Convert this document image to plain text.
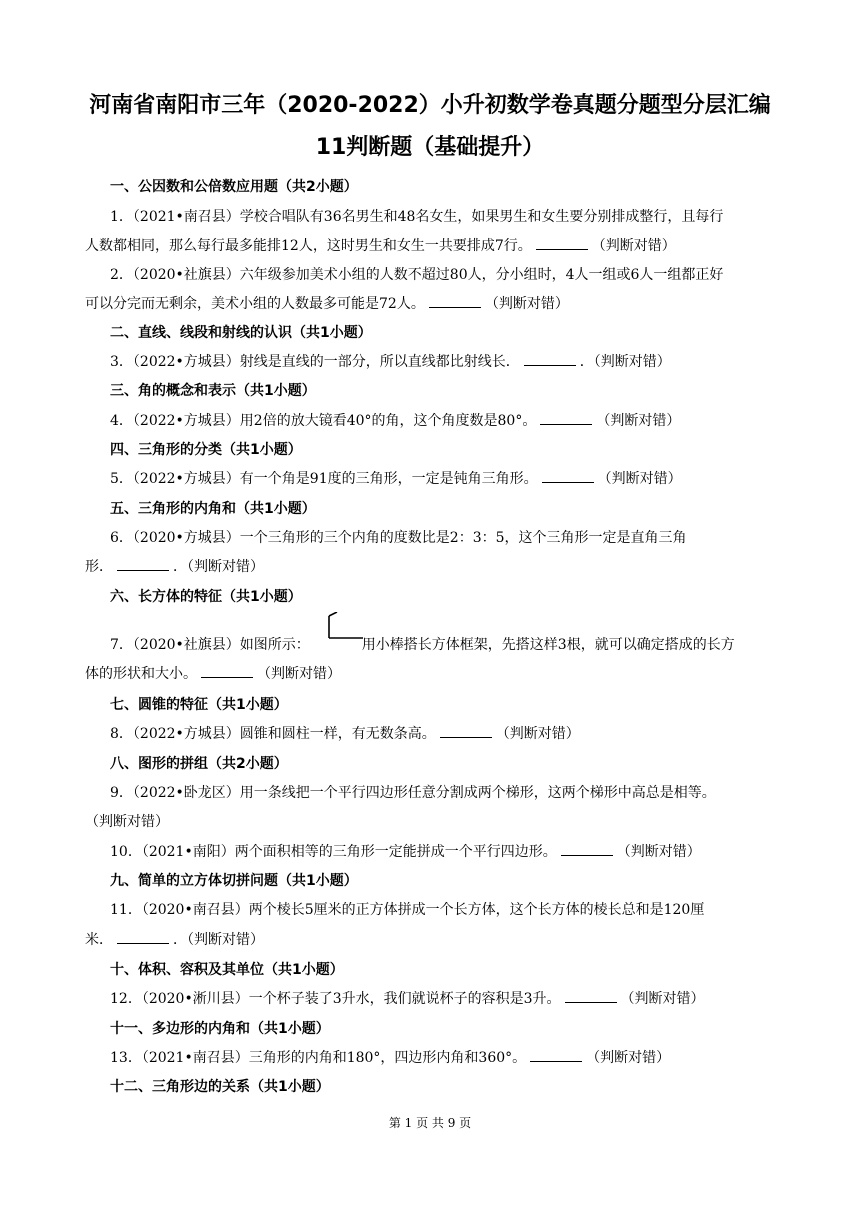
河南省南阳市三年（2020-2022）小升初数学卷真题分题型分层汇编
11判断题（基础提升）
一、公因数和公倍数应用题（共2小题）
1．（2021•南召县）学校合唱队有36名男生和48名女生，如果男生和女生要分别排成整行，且每行
人数都相同，那么每行最多能排12人，这时男生和女生一共要排成7行。	（判断对错）
2．（2020•社旗县）六年级参加美术小组的人数不超过80人，分小组时，4人一组或6人一组都正好
可以分完而无剩余，美术小组的人数最多可能是72人。	（判断对错）
二、直线、线段和射线的认识（共1小题）
3．（2022•方城县）射线是直线的一部分，所以直线都比射线长．	．（判断对错）
三、角的概念和表示（共1小题）
4．（2022•方城县）用2倍的放大镜看40°的角，这个角度数是80°。	（判断对错）
四、三角形的分类（共1小题）
5．（2022•方城县）有一个角是91度的三角形，一定是钝角三角形。	（判断对错）
五、三角形的内角和（共1小题）
6．（2020•方城县）一个三角形的三个内角的度数比是2：3：5，这个三角形一定是直角三角
形．	．（判断对错）
六、长方体的特征（共1小题）
7．（2020•社旗县）如图所示：	用小棒搭长方体框架，先搭这样3根，就可以确定搭成的长方
体的形状和大小。	（判断对错）
七、圆锥的特征（共1小题）
8．（2022•方城县）圆锥和圆柱一样，有无数条高。	（判断对错）
八、图形的拼组（共2小题）
9．（2022•卧龙区）用一条线把一个平行四边形任意分割成两个梯形，这两个梯形中高总是相等。
（判断对错）
10．（2021•南阳）两个面积相等的三角形一定能拼成一个平行四边形。	（判断对错）
九、简单的立方体切拼问题（共1小题）
11．（2020•南召县）两个棱长5厘米的正方体拼成一个长方体，这个长方体的棱长总和是120厘
米．	．（判断对错）
十、体积、容积及其单位（共1小题）
12．（2020•淅川县）一个杯子装了3升水，我们就说杯子的容积是3升。	（判断对错）
十一、多边形的内角和（共1小题）
13．（2021•南召县）三角形的内角和180°，四边形内角和360°。	（判断对错）
十二、三角形边的关系（共1小题）
第 1 页 共 9 页
